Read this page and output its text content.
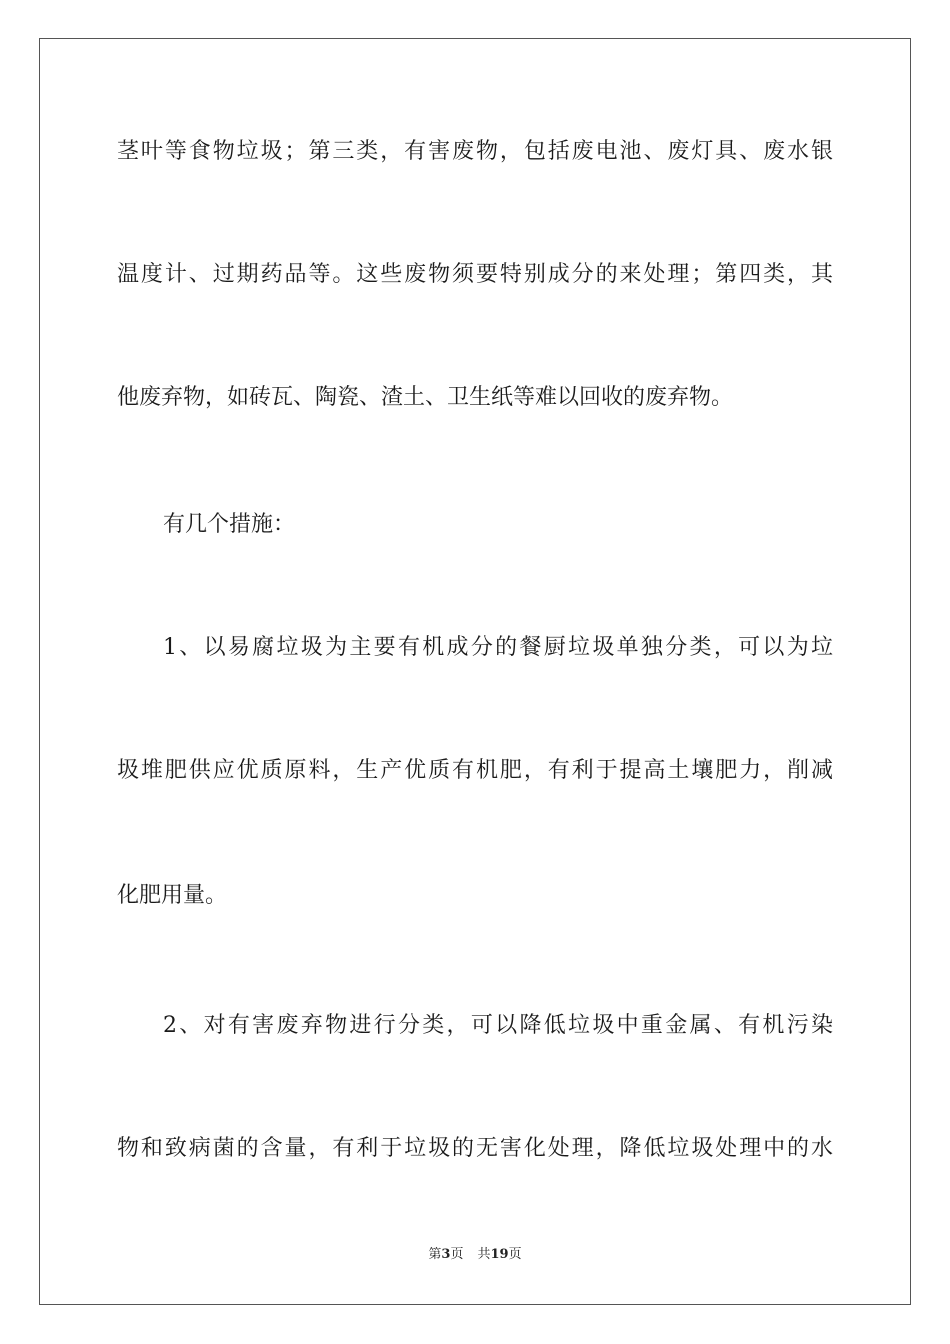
茎叶等食物垃圾；第三类，有害废物，包括废电池、废灯具、废水银
温度计、过期药品等。这些废物须要特别成分的来处理；第四类，其
他废弃物，如砖瓦、陶瓷、渣土、卫生纸等难以回收的废弃物。
有几个措施：
1、以易腐垃圾为主要有机成分的餐厨垃圾单独分类，可以为垃
圾堆肥供应优质原料，生产优质有机肥，有利于提高土壤肥力，削减
化肥用量。
2、对有害废弃物进行分类，可以降低垃圾中重金属、有机污染
物和致病菌的含量，有利于垃圾的无害化处理，降低垃圾处理中的水
第3页 共19页
